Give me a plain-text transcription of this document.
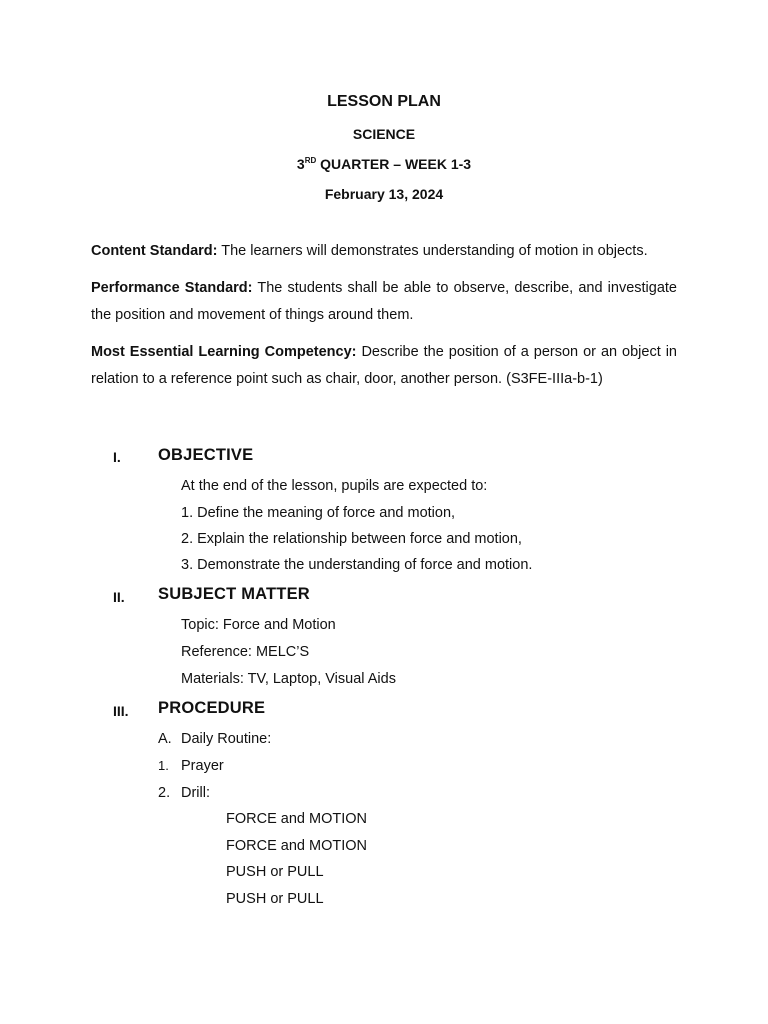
LESSON PLAN
SCIENCE
3RD QUARTER – WEEK 1-3
February 13, 2024
Content Standard: The learners will demonstrates understanding of motion in objects.
Performance Standard: The students shall be able to observe, describe, and investigate the position and movement of things around them.
Most Essential Learning Competency: Describe the position of a person or an object in relation to a reference point such as chair, door, another person. (S3FE-IIIa-b-1)
I. OBJECTIVE
At the end of the lesson, pupils are expected to:
1. Define the meaning of force and motion,
2. Explain the relationship between force and motion,
3. Demonstrate the understanding of force and motion.
II. SUBJECT MATTER
Topic: Force and Motion
Reference: MELC’S
Materials: TV, Laptop, Visual Aids
III. PROCEDURE
A. Daily Routine:
1. Prayer
2. Drill:
FORCE and MOTION
FORCE and MOTION
PUSH or PULL
PUSH or PULL
